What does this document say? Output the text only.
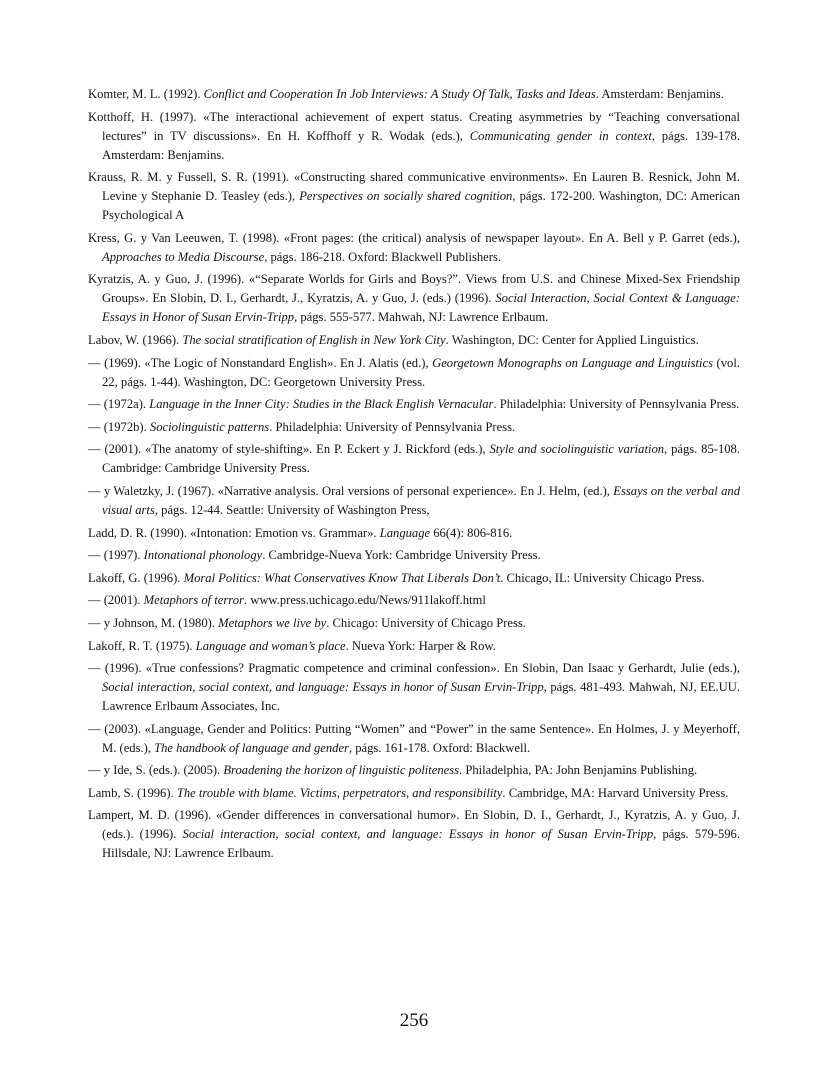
Komter, M. L. (1992). Conflict and Cooperation In Job Interviews: A Study Of Talk, Tasks and Ideas. Amsterdam: Benjamins.

Kotthoff, H. (1997). «The interactional achievement of expert status. Creating asymmetries by “Teaching conversational lectures” in TV discussions». En H. Koffhoff y R. Wodak (eds.), Communicating gender in context, págs. 139-178. Amsterdam: Benjamins.

Krauss, R. M. y Fussell, S. R. (1991). «Constructing shared communicative environments». En Lauren B. Resnick, John M. Levine y Stephanie D. Teasley (eds.), Perspectives on socially shared cognition, págs. 172-200. Washington, DC: American Psychological A

Kress, G. y Van Leeuwen, T. (1998). «Front pages: (the critical) analysis of newspaper layout». En A. Bell y P. Garret (eds.), Approaches to Media Discourse, págs. 186-218. Oxford: Blackwell Publishers.

Kyratzis, A. y Guo, J. (1996). «“Separate Worlds for Girls and Boys?”. Views from U.S. and Chinese Mixed-Sex Friendship Groups». En Slobin, D. I., Gerhardt, J., Kyratzis, A. y Guo, J. (eds.) (1996). Social Interaction, Social Context & Language: Essays in Honor of Susan Ervin-Tripp, págs. 555-577. Mahwah, NJ: Lawrence Erlbaum.

Labov, W. (1966). The social stratification of English in New York City. Washington, DC: Center for Applied Linguistics.

— (1969). «The Logic of Nonstandard English». En J. Alatis (ed.), Georgetown Monographs on Language and Linguistics (vol. 22, págs. 1-44). Washington, DC: Georgetown University Press.

— (1972a). Language in the Inner City: Studies in the Black English Vernacular. Philadelphia: University of Pennsylvania Press.

— (1972b). Sociolinguistic patterns. Philadelphia: University of Pennsylvania Press.

— (2001). «The anatomy of style-shifting». En P. Eckert y J. Rickford (eds.), Style and sociolinguistic variation, págs. 85-108. Cambridge: Cambridge University Press.

— y Waletzky, J. (1967). «Narrative analysis. Oral versions of personal experience». En J. Helm, (ed.), Essays on the verbal and visual arts, págs. 12-44. Seattle: University of Washington Press,

Ladd, D. R. (1990). «Intonation: Emotion vs. Grammar». Language 66(4): 806-816.

— (1997). Intonational phonology. Cambridge-Nueva York: Cambridge University Press.

Lakoff, G. (1996). Moral Politics: What Conservatives Know That Liberals Don’t. Chicago, IL: University Chicago Press.

— (2001). Metaphors of terror. www.press.uchicago.edu/News/911lakoff.html

— y Johnson, M. (1980). Metaphors we live by. Chicago: University of Chicago Press.

Lakoff, R. T. (1975). Language and woman’s place. Nueva York: Harper & Row.

— (1996). «True confessions? Pragmatic competence and criminal confession». En Slobin, Dan Isaac y Gerhardt, Julie (eds.), Social interaction, social context, and language: Essays in honor of Susan Ervin-Tripp, págs. 481-493. Mahwah, NJ, EE.UU. Lawrence Erlbaum Associates, Inc.

— (2003). «Language, Gender and Politics: Putting “Women” and “Power” in the same Sentence». En Holmes, J. y Meyerhoff, M. (eds.), The handbook of language and gender, págs. 161-178. Oxford: Blackwell.

— y Ide, S. (eds.). (2005). Broadening the horizon of linguistic politeness. Philadelphia, PA: John Benjamins Publishing.

Lamb, S. (1996). The trouble with blame. Victims, perpetrators, and responsibility. Cambridge, MA: Harvard University Press.

Lampert, M. D. (1996). «Gender differences in conversational humor». En Slobin, D. I., Gerhardt, J., Kyratzis, A. y Guo, J. (eds.). (1996). Social interaction, social context, and language: Essays in honor of Susan Ervin-Tripp, págs. 579-596. Hillsdale, NJ: Lawrence Erlbaum.

256
